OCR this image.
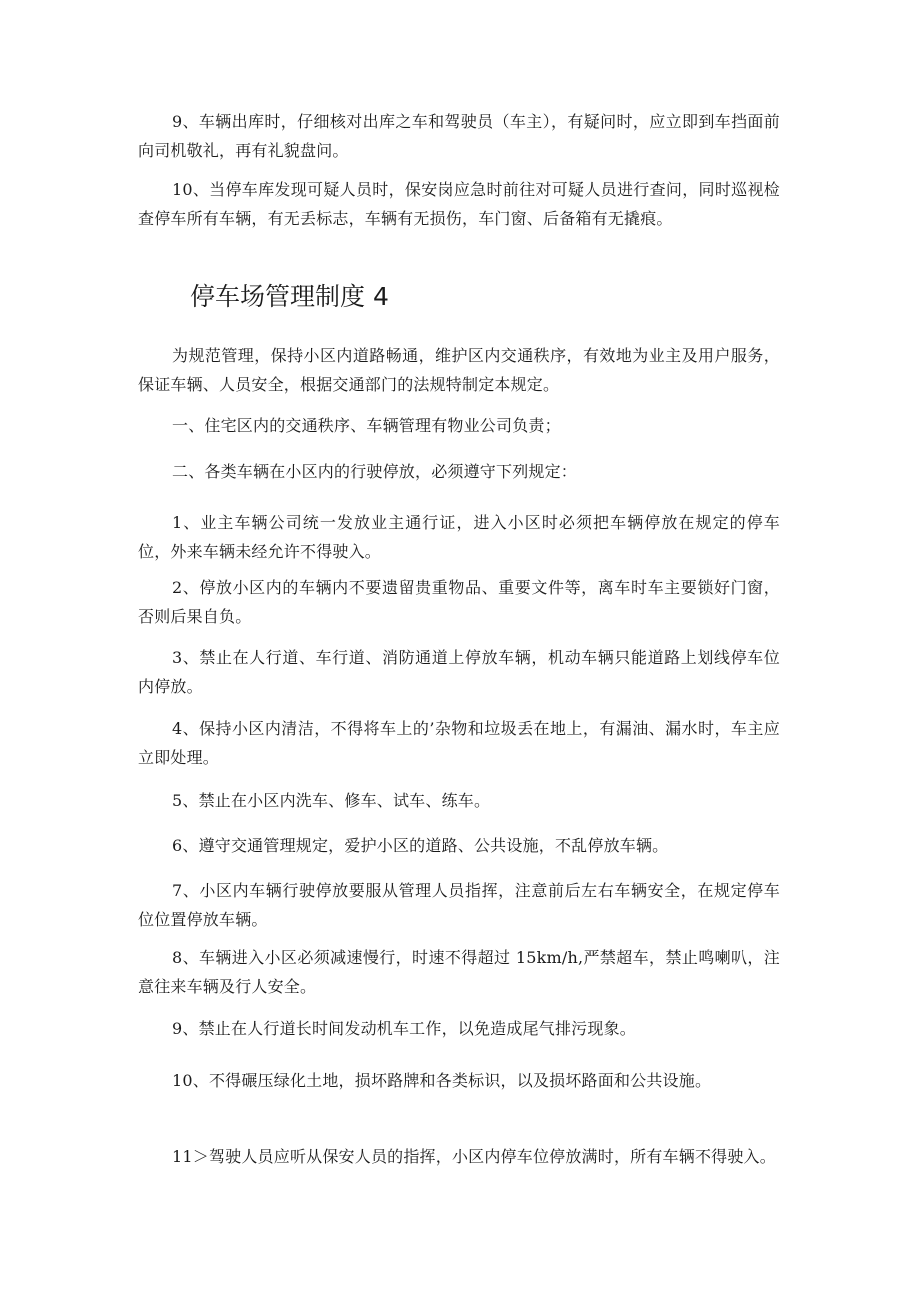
9、车辆出库时，仔细核对出库之车和驾驶员（车主），有疑问时，应立即到车挡面前向司机敬礼，再有礼貌盘问。

10、当停车库发现可疑人员时，保安岗应急时前往对可疑人员进行查问，同时巡视检查停车所有车辆，有无丢标志，车辆有无损伤，车门窗、后备箱有无撬痕。

停车场管理制度 4

为规范管理，保持小区内道路畅通，维护区内交通秩序，有效地为业主及用户服务，保证车辆、人员安全，根据交通部门的法规特制定本规定。

一、住宅区内的交通秩序、车辆管理有物业公司负责；

二、各类车辆在小区内的行驶停放，必须遵守下列规定：

1、业主车辆公司统一发放业主通行证，进入小区时必须把车辆停放在规定的停车位，外来车辆未经允许不得驶入。

2、停放小区内的车辆内不要遗留贵重物品、重要文件等，离车时车主要锁好门窗，否则后果自负。

3、禁止在人行道、车行道、消防通道上停放车辆，机动车辆只能道路上划线停车位内停放。

4、保持小区内清洁，不得将车上的’杂物和垃圾丢在地上，有漏油、漏水时，车主应立即处理。

5、禁止在小区内洗车、修车、试车、练车。

6、遵守交通管理规定，爱护小区的道路、公共设施，不乱停放车辆。

7、小区内车辆行驶停放要服从管理人员指挥，注意前后左右车辆安全，在规定停车位位置停放车辆。

8、车辆进入小区必须减速慢行，时速不得超过 15km/h,严禁超车，禁止鸣喇叭，注意往来车辆及行人安全。

9、禁止在人行道长时间发动机车工作，以免造成尾气排污现象。

10、不得碾压绿化土地，损坏路牌和各类标识，以及损坏路面和公共设施。

11＞驾驶人员应听从保安人员的指挥，小区内停车位停放满时，所有车辆不得驶入。
